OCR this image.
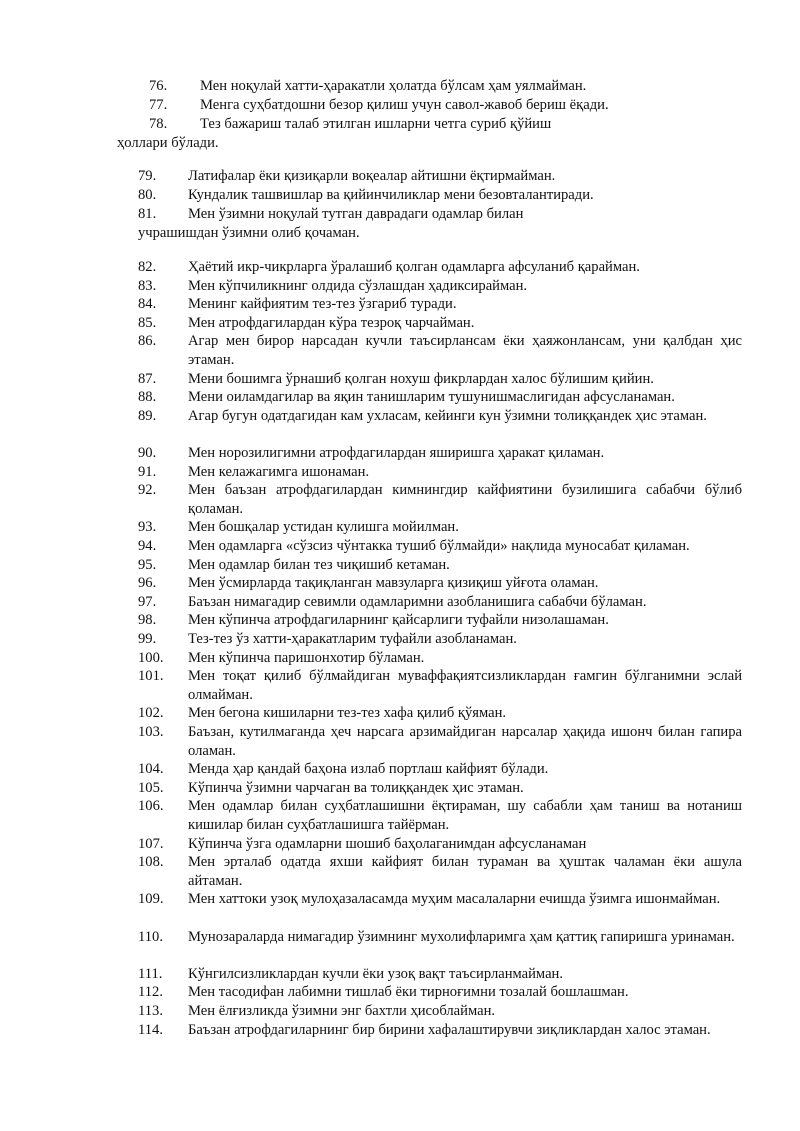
76. Мен ноқулай хатти-ҳаракатли ҳолатда бўлсам ҳам уялмайман.
77. Менга суҳбатдошни безор қилиш учун савол-жавоб бериш ёқади.
78. Тез бажариш талаб этилган ишларни четга суриб қўйиш
ҳоллари бўлади.
79. Латифалар ёки қизиқарли воқеалар айтишни ёқтирмайман.
80. Кундалик ташвишлар ва қийинчиликлар мени безовталантиради.
81. Мен ўзимни ноқулай тутган даврадаги одамлар билан
учрашишдан ўзимни олиб қочаман.
82. Ҳаётий икр-чикрларга ўралашиб қолган одамларга афсуланиб қарайман.
83. Мен кўпчиликнинг олдида сўзлашдан ҳадиксирайман.
84. Менинг кайфиятим тез-тез ўзгариб туради.
85. Мен атрофдагилардан кўра тезроқ чарчайман.
86. Агар мен бирор нарсадан кучли таъсирлансам ёки ҳаяжонлансам, уни қалбдан ҳис этаман.
87. Мени бошимга ўрнашиб қолган нохуш фикрлардан халос бўлишим қийин.
88. Мени оиламдагилар ва яқин танишларим тушунишмаслигидан афсусланаман.
89. Агар бугун одатдагидан кам ухласам, кейинги кун ўзимни толиққандек ҳис этаман.
90. Мен норозилигимни атрофдагилардан яширишга ҳаракат қиламан.
91. Мен келажагимга ишонаман.
92. Мен баъзан атрофдагилардан кимнингдир кайфиятини бузилишига сабабчи бўлиб қоламан.
93. Мен бошқалар устидан кулишга мойилман.
94. Мен одамларга «сўзсиз чўнтакка тушиб бўлмайди» нақлида муносабат қиламан.
95. Мен одамлар билан тез чиқишиб кетаман.
96. Мен ўсмирларда тақиқланган мавзуларга қизиқиш уйғота оламан.
97. Баъзан нимагадир севимли одамларимни азобланишига сабабчи бўламан.
98. Мен кўпинча атрофдагиларнинг қайсарлиги туфайли низолашаман.
99. Тез-тез ўз хатти-ҳаракатларим туфайли азобланаман.
100. Мен кўпинча паришонхотир бўламан.
101. Мен тоқат қилиб бўлмайдиган муваффақиятсизликлардан ғамгин бўлганимни эслай олмайман.
102. Мен бегона кишиларни тез-тез хафа қилиб қўяман.
103. Баъзан, кутилмаганда ҳеч нарсага арзимайдиган нарсалар ҳақида ишонч билан гапира оламан.
104. Менда ҳар қандай баҳона излаб портлаш кайфият бўлади.
105. Кўпинча ўзимни чарчаган ва толиққандек ҳис этаман.
106. Мен одамлар билан суҳбатлашишни ёқтираман, шу сабабли ҳам таниш ва нотаниш кишилар билан суҳбатлашишга тайёрман.
107. Кўпинча ўзга одамларни шошиб баҳолаганимдан афсусланаман
108. Мен эрталаб одатда яхши кайфият билан тураман ва ҳуштак чаламан ёки ашула айтаман.
109. Мен хаттоки узоқ мулоҳазаласамда муҳим масалаларни ечишда ўзимга ишонмайман.
110. Мунозараларда нимагадир ўзимнинг мухолифларимга ҳам қаттиқ гапиришга уринаман.
111. Кўнгилсизликлардан кучли ёки узоқ вақт таъсирланмайман.
112. Мен тасодифан лабимни тишлаб ёки тирноғимни тозалай бошлашман.
113. Мен ёлғизликда ўзимни энг бахтли ҳисоблайман.
114. Баъзан атрофдагиларнинг бир бирини хафалаштирувчи зиқликлардан халос этаман.
